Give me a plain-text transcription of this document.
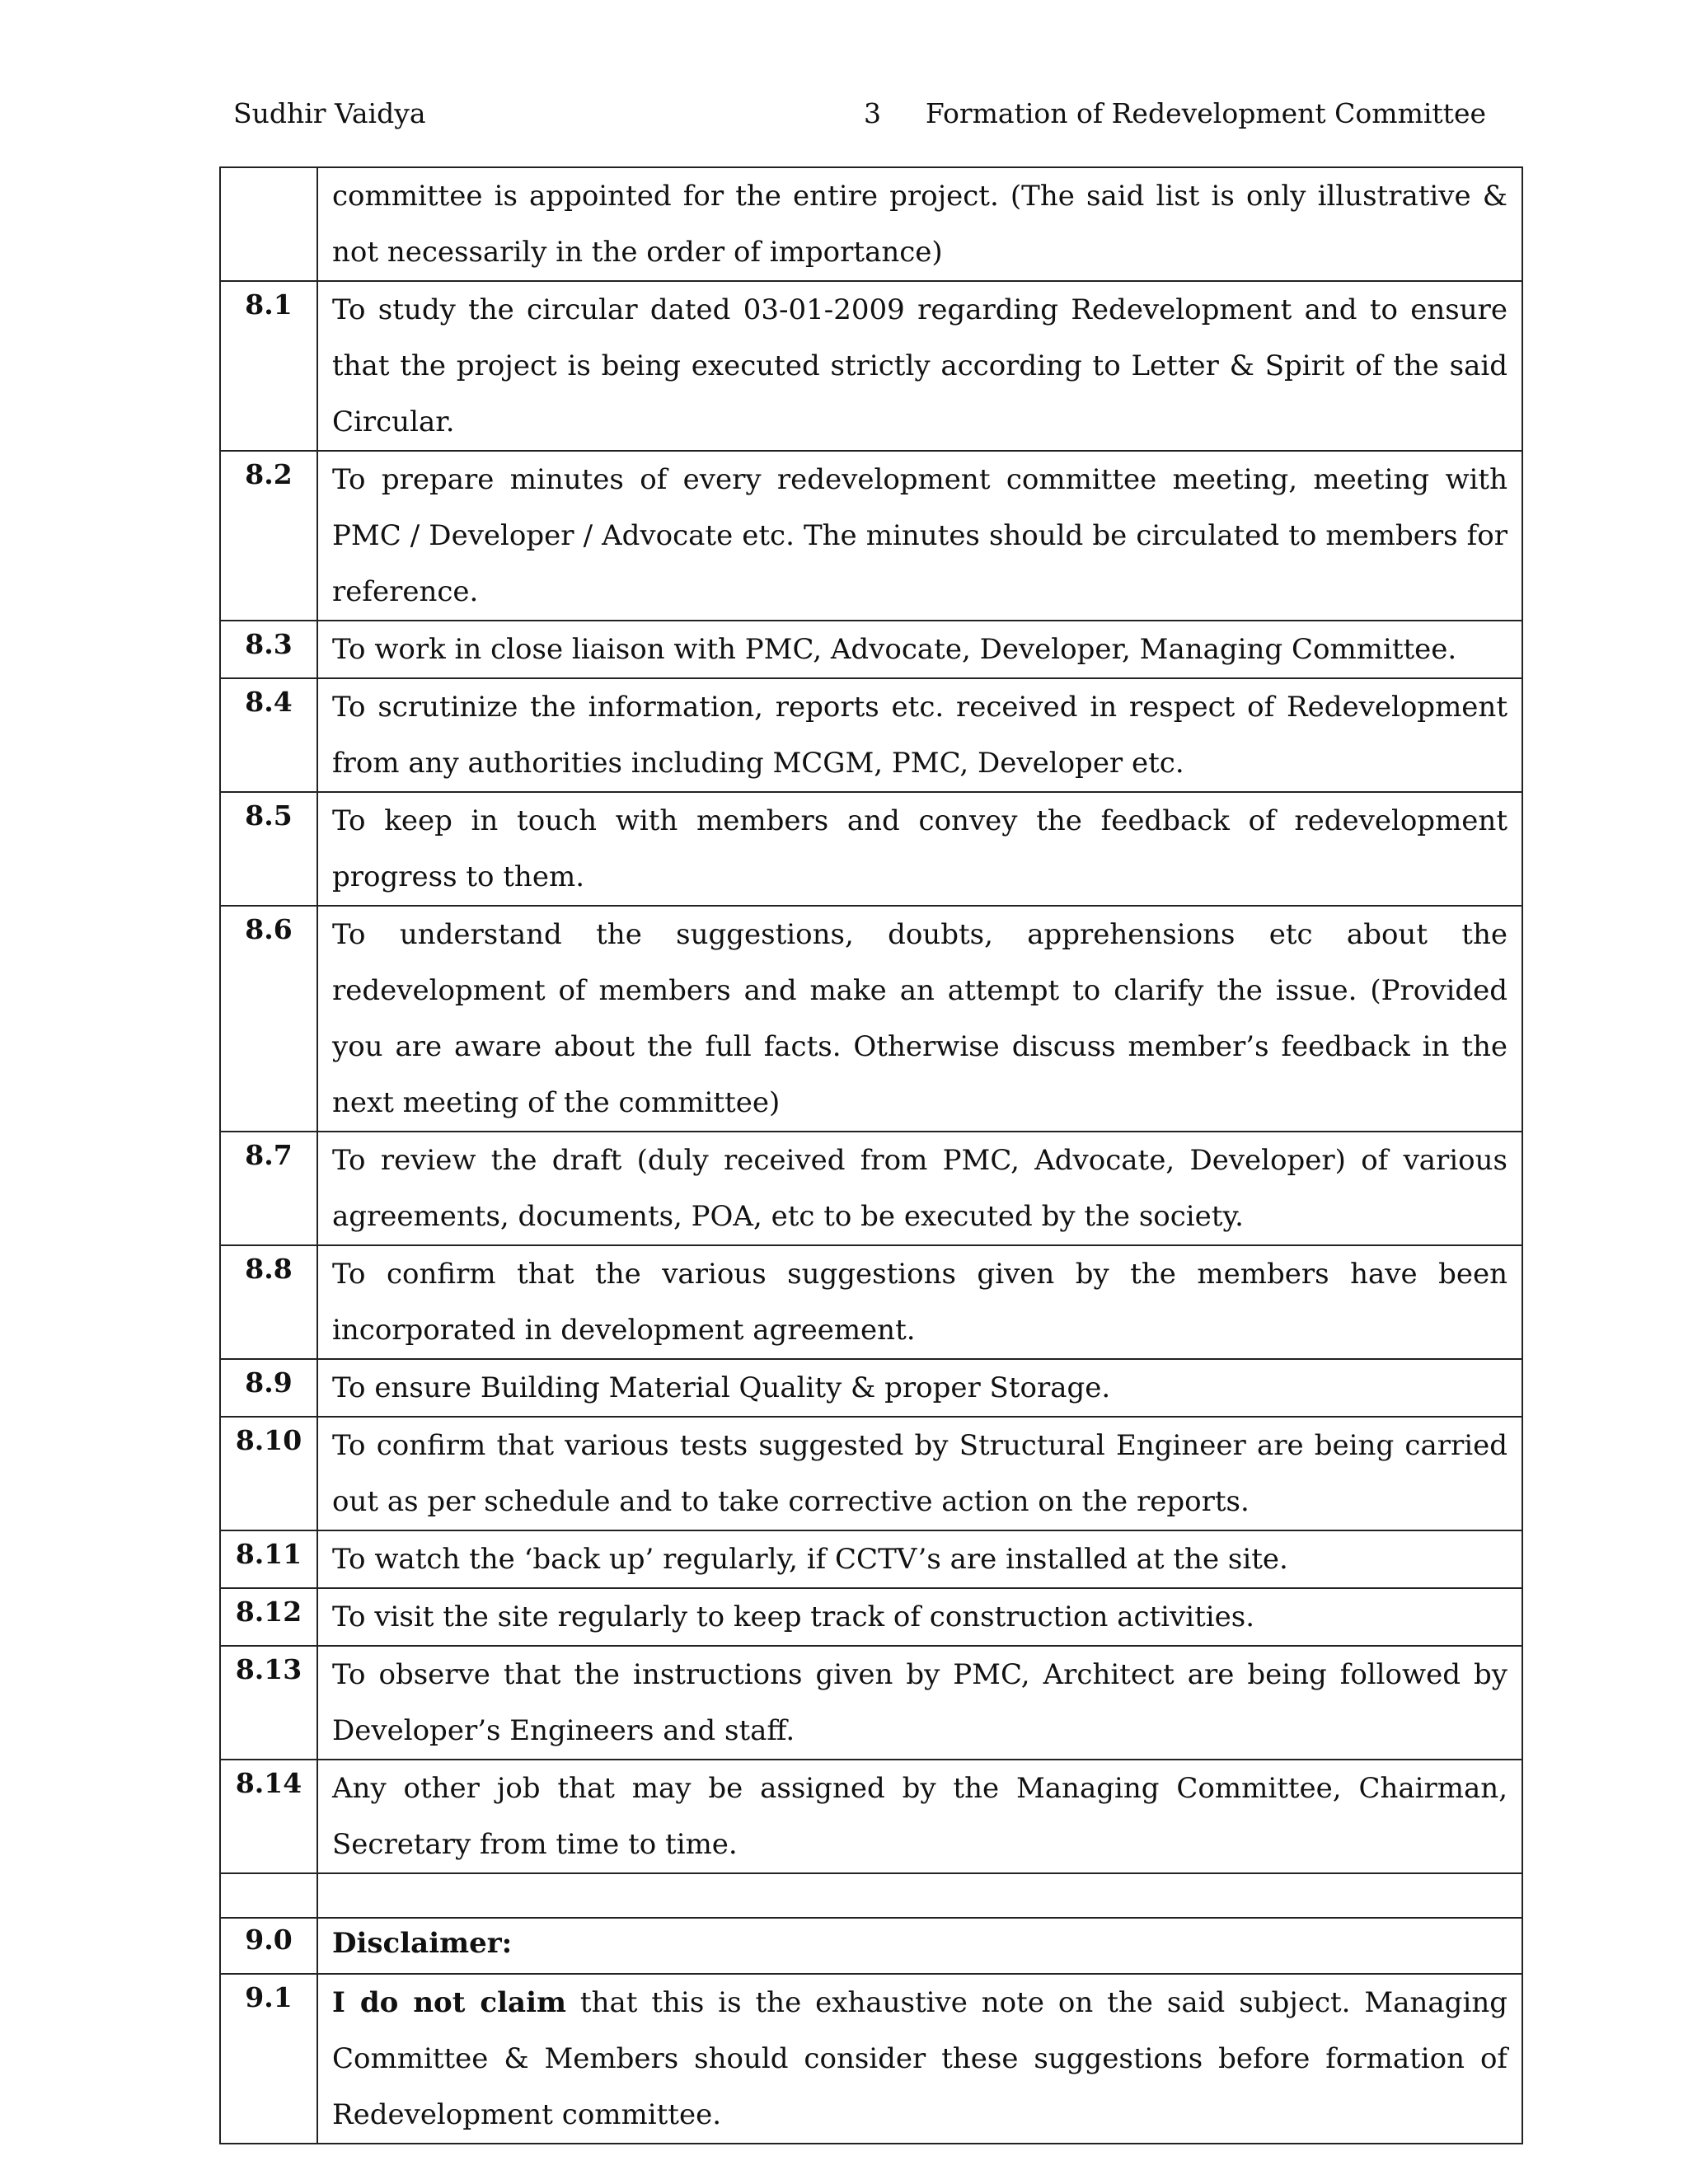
Sudhir Vaidya	3 Formation of Redevelopment Committee

	committee is appointed for the entire project. (The said list is only illustrative & not necessarily in the order of importance)

8.1	To study the circular dated 03-01-2009 regarding Redevelopment and to ensure that the project is being executed strictly according to Letter & Spirit of the said Circular.

8.2	To prepare minutes of every redevelopment committee meeting, meeting with PMC / Developer / Advocate etc. The minutes should be circulated to members for reference.

8.3	To work in close liaison with PMC, Advocate, Developer, Managing Committee.

8.4	To scrutinize the information, reports etc. received in respect of Redevelopment from any authorities including MCGM, PMC, Developer etc.

8.5	To keep in touch with members and convey the feedback of redevelopment progress to them.

8.6	To understand the suggestions, doubts, apprehensions etc about the redevelopment of members and make an attempt to clarify the issue. (Provided you are aware about the full facts. Otherwise discuss member’s feedback in the next meeting of the committee)

8.7	To review the draft (duly received from PMC, Advocate, Developer) of various agreements, documents, POA, etc to be executed by the society.

8.8	To confirm that the various suggestions given by the members have been incorporated in development agreement.

8.9	To ensure Building Material Quality & proper Storage.

8.10	To confirm that various tests suggested by Structural Engineer are being carried out as per schedule and to take corrective action on the reports.

8.11	To watch the ‘back up’ regularly, if CCTV’s are installed at the site.

8.12	To visit the site regularly to keep track of construction activities.

8.13	To observe that the instructions given by PMC, Architect are being followed by Developer’s Engineers and staff.

8.14	Any other job that may be assigned by the Managing Committee, Chairman, Secretary from time to time.

9.0	Disclaimer:

9.1	I do not claim that this is the exhaustive note on the said subject. Managing Committee & Members should consider these suggestions before formation of Redevelopment committee.
